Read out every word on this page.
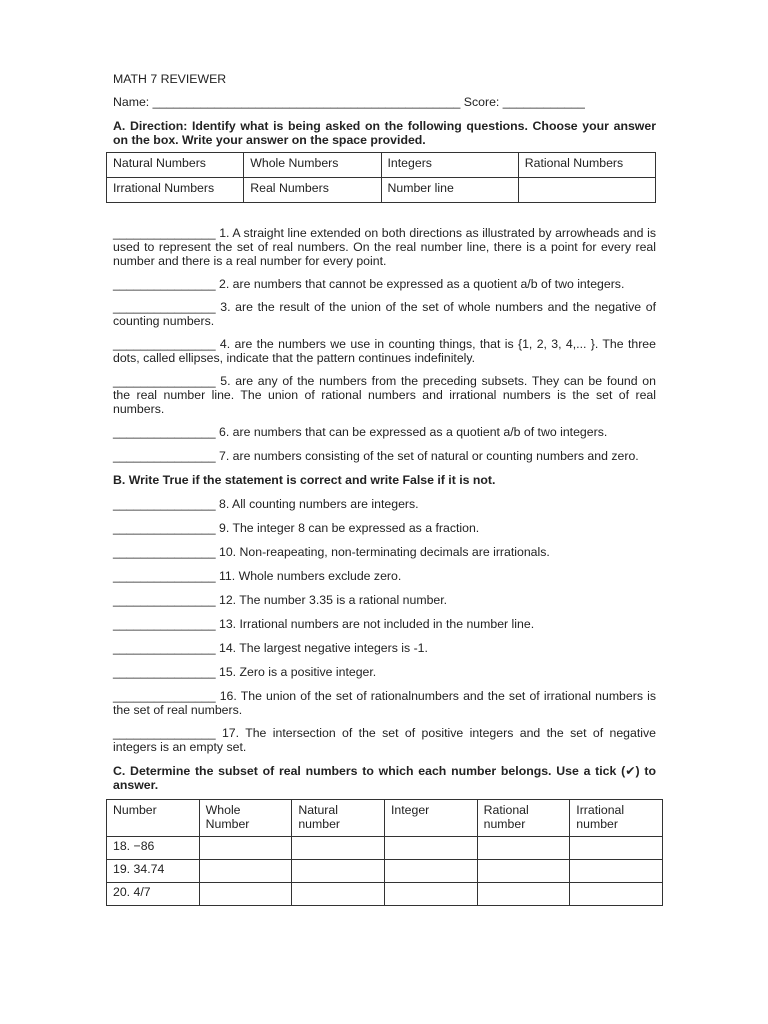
MATH 7 REVIEWER
Name: _____________________________________________ Score: ____________
A. Direction: Identify what is being asked on the following questions. Choose your answer on the box. Write your answer on the space provided.
Natural Numbers	Whole Numbers	Integers	Rational Numbers
Irrational Numbers	Real Numbers	Number line	
_______________ 1. A straight line extended on both directions as illustrated by arrowheads and is used to represent the set of real numbers. On the real number line, there is a point for every real number and there is a real number for every point.
_______________ 2. are numbers that cannot be expressed as a quotient a/b of two integers.
_______________ 3. are the result of the union of the set of whole numbers and the negative of counting numbers.
_______________ 4. are the numbers we use in counting things, that is {1, 2, 3, 4,... }. The three dots, called ellipses, indicate that the pattern continues indefinitely.
_______________ 5. are any of the numbers from the preceding subsets. They can be found on the real number line. The union of rational numbers and irrational numbers is the set of real numbers.
_______________ 6. are numbers that can be expressed as a quotient a/b of two integers.
_______________ 7. are numbers consisting of the set of natural or counting numbers and zero.
B. Write True if the statement is correct and write False if it is not.
_______________ 8. All counting numbers are integers.
_______________ 9. The integer 8 can be expressed as a fraction.
_______________ 10. Non-reapeating, non-terminating decimals are irrationals.
_______________ 11. Whole numbers exclude zero.
_______________ 12. The number 3.35 is a rational number.
_______________ 13. Irrational numbers are not included in the number line.
_______________ 14. The largest negative integers is -1.
_______________ 15. Zero is a positive integer.
_______________ 16. The union of the set of rationalnumbers and the set of irrational numbers is the set of real numbers.
_______________ 17. The intersection of the set of positive integers and the set of negative integers is an empty set.
C. Determine the subset of real numbers to which each number belongs. Use a tick (✔) to answer.
Number	Whole Number	Natural number	Integer	Rational number	Irrational number
18. −86					
19. 34.74					
20. 4/7					
